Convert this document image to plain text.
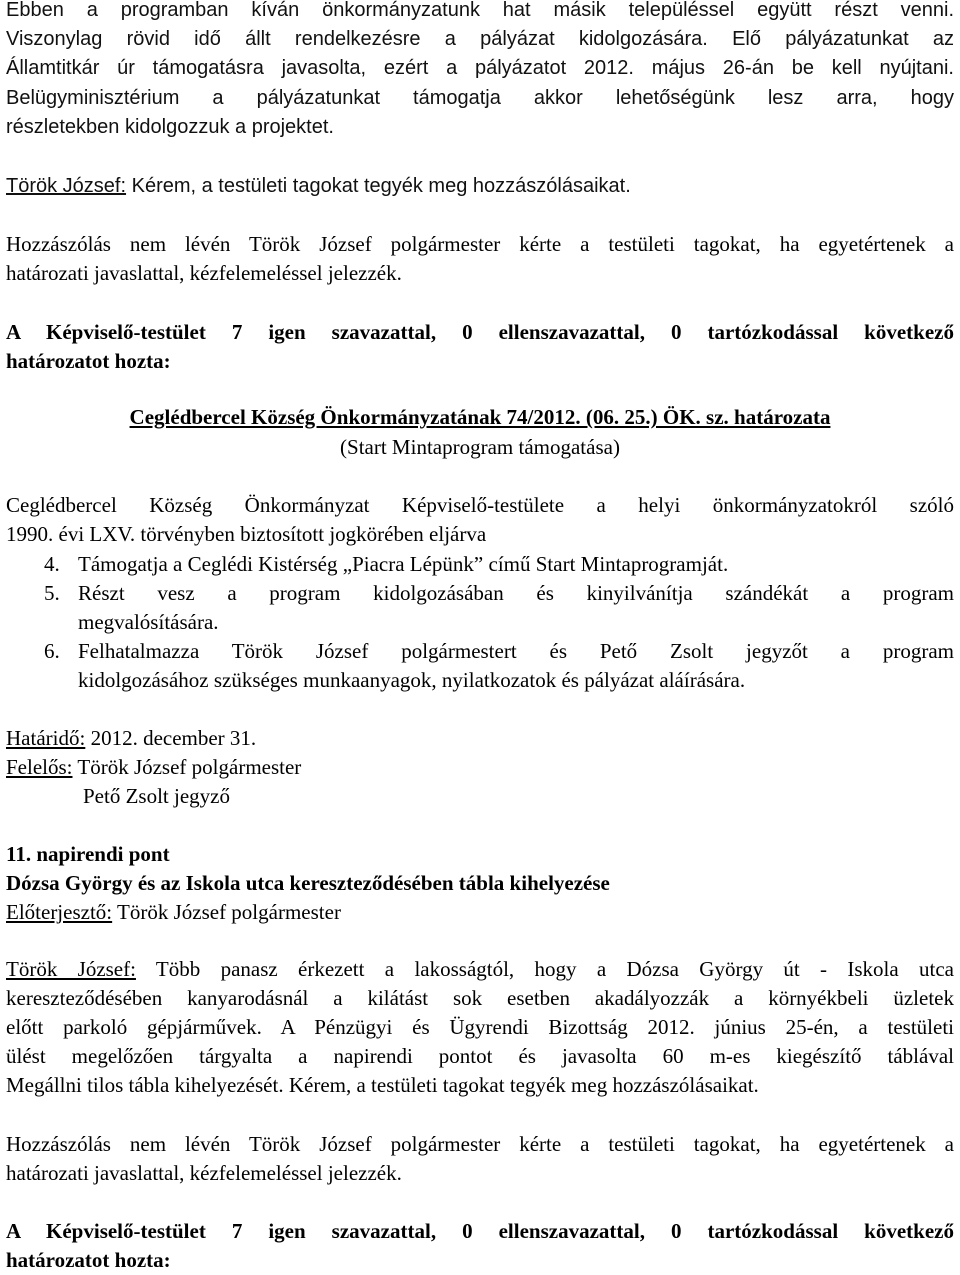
Ebben a programban kíván önkormányzatunk hat másik településsel együtt részt venni.
Viszonylag rövid idő állt rendelkezésre a pályázat kidolgozására. Elő pályázatunkat az
Államtitkár úr támogatásra javasolta, ezért a pályázatot 2012. május 26-án be kell nyújtani.
Belügyminisztérium a pályázatunkat támogatja akkor lehetőségünk lesz arra, hogy
részletekben kidolgozzuk a projektet.
Török József: Kérem, a testületi tagokat tegyék meg hozzászólásaikat.
Hozzászólás nem lévén Török József polgármester kérte a testületi tagokat, ha egyetértenek a
határozati javaslattal, kézfelemeléssel jelezzék.
A Képviselő-testület 7 igen szavazattal, 0 ellenszavazattal, 0 tartózkodással következő
határozatot hozta:
Ceglédbercel Község Önkormányzatának 74/2012. (06. 25.) ÖK. sz. határozata
(Start Mintaprogram támogatása)
Ceglédbercel Község Önkormányzat Képviselő-testülete a helyi önkormányzatokról szóló
1990. évi LXV. törvényben biztosított jogkörében eljárva
4. Támogatja a Ceglédi Kistérség „Piacra Lépünk” című Start Mintaprogramját.
5. Részt vesz a program kidolgozásában és kinyilvánítja szándékát a program
megvalósítására.
6. Felhatalmazza Török József polgármestert és Pető Zsolt jegyzőt a program
kidolgozásához szükséges munkaanyagok, nyilatkozatok és pályázat aláírására.
Határidő: 2012. december 31.
Felelős: Török József polgármester
Pető Zsolt jegyző
11. napirendi pont
Dózsa György és az Iskola utca kereszteződésében tábla kihelyezése
Előterjesztő: Török József polgármester
Török József: Több panasz érkezett a lakosságtól, hogy a Dózsa György út - Iskola utca
kereszteződésében kanyarodásnál a kilátást sok esetben akadályozzák a környékbeli üzletek
előtt parkoló gépjárművek. A Pénzügyi és Ügyrendi Bizottság 2012. június 25-én, a testületi
ülést megelőzően tárgyalta a napirendi pontot és javasolta 60 m-es kiegészítő táblával
Megállni tilos tábla kihelyezését. Kérem, a testületi tagokat tegyék meg hozzászólásaikat.
Hozzászólás nem lévén Török József polgármester kérte a testületi tagokat, ha egyetértenek a
határozati javaslattal, kézfelemeléssel jelezzék.
A Képviselő-testület 7 igen szavazattal, 0 ellenszavazattal, 0 tartózkodással következő
határozatot hozta:
